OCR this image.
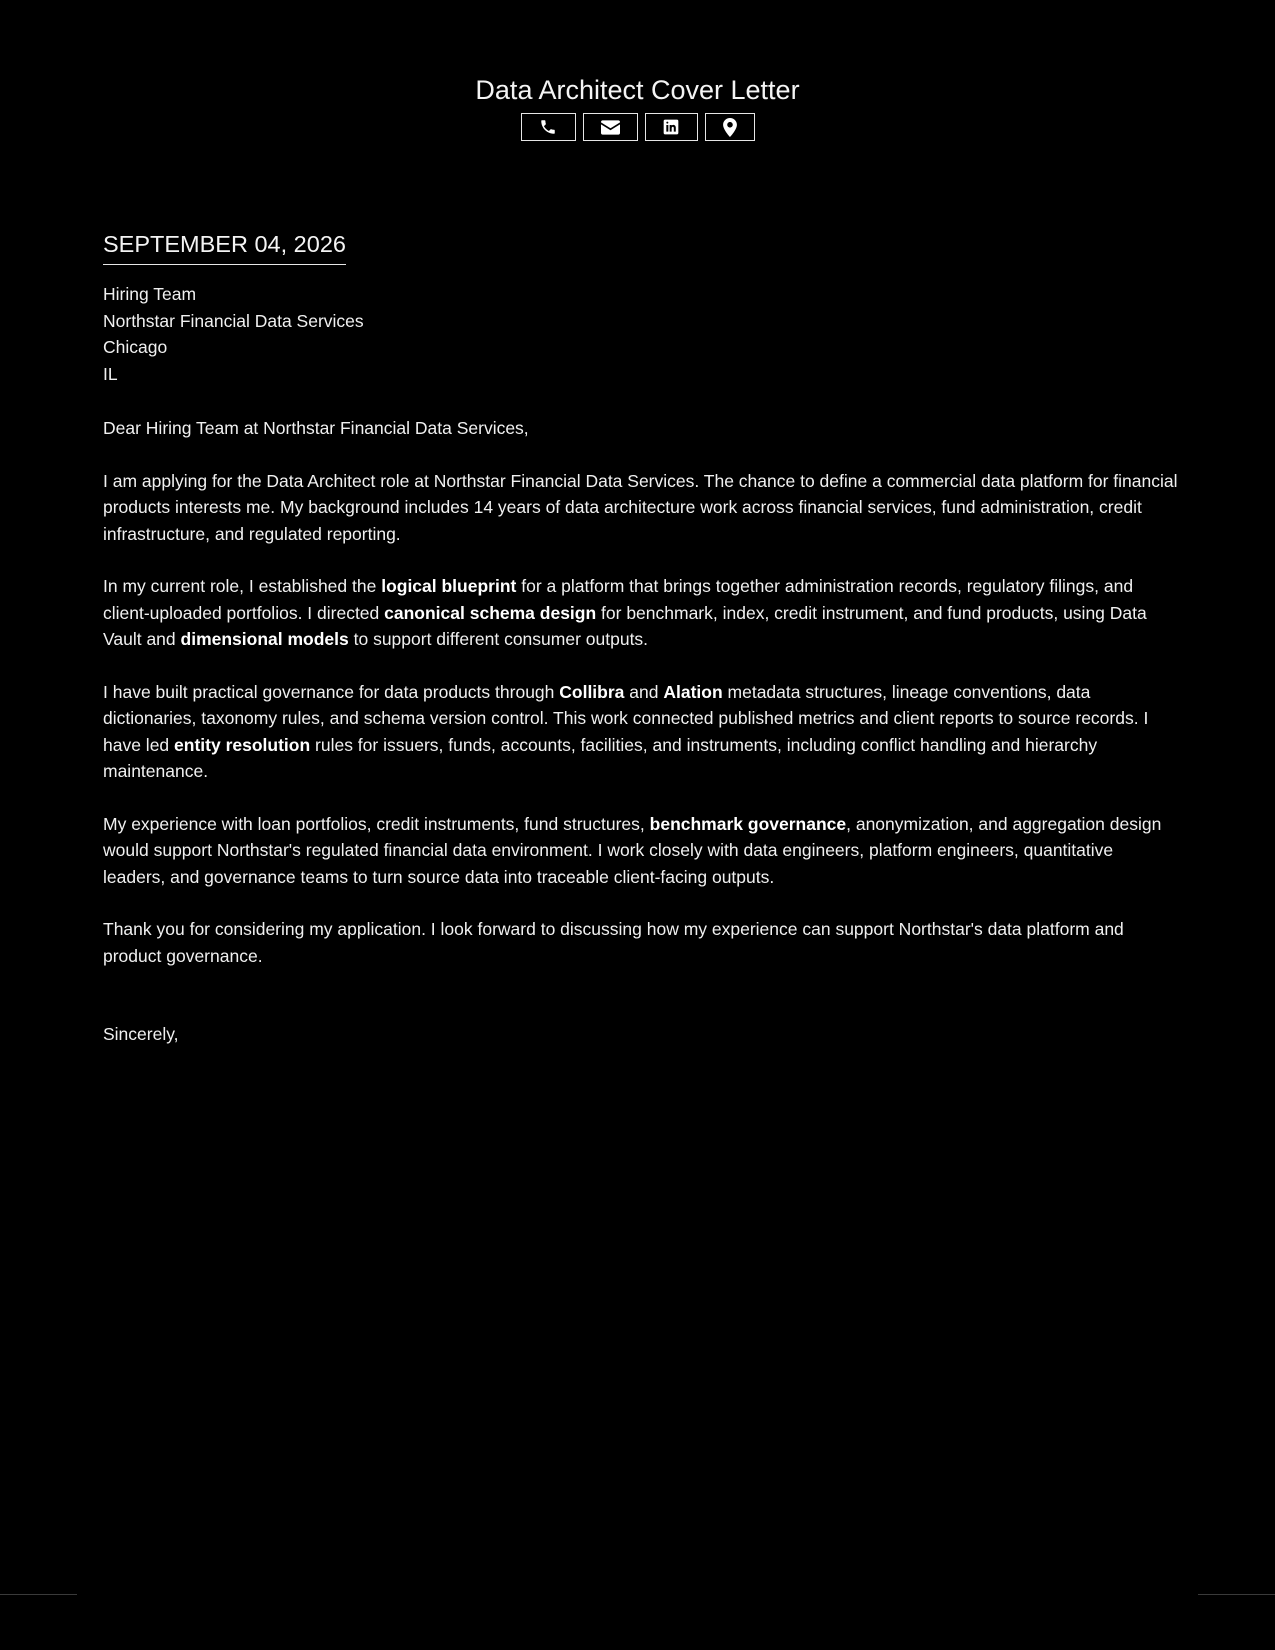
Data Architect Cover Letter
SEPTEMBER 04, 2026
Hiring Team
Northstar Financial Data Services
Chicago
IL
Dear Hiring Team at Northstar Financial Data Services,
I am applying for the Data Architect role at Northstar Financial Data Services. The chance to define a commercial data platform for financial products interests me. My background includes 14 years of data architecture work across financial services, fund administration, credit infrastructure, and regulated reporting.
In my current role, I established the logical blueprint for a platform that brings together administration records, regulatory filings, and client-uploaded portfolios. I directed canonical schema design for benchmark, index, credit instrument, and fund products, using Data Vault and dimensional models to support different consumer outputs.
I have built practical governance for data products through Collibra and Alation metadata structures, lineage conventions, data dictionaries, taxonomy rules, and schema version control. This work connected published metrics and client reports to source records. I have led entity resolution rules for issuers, funds, accounts, facilities, and instruments, including conflict handling and hierarchy maintenance.
My experience with loan portfolios, credit instruments, fund structures, benchmark governance, anonymization, and aggregation design would support Northstar's regulated financial data environment. I work closely with data engineers, platform engineers, quantitative leaders, and governance teams to turn source data into traceable client-facing outputs.
Thank you for considering my application. I look forward to discussing how my experience can support Northstar's data platform and product governance.
Sincerely,
